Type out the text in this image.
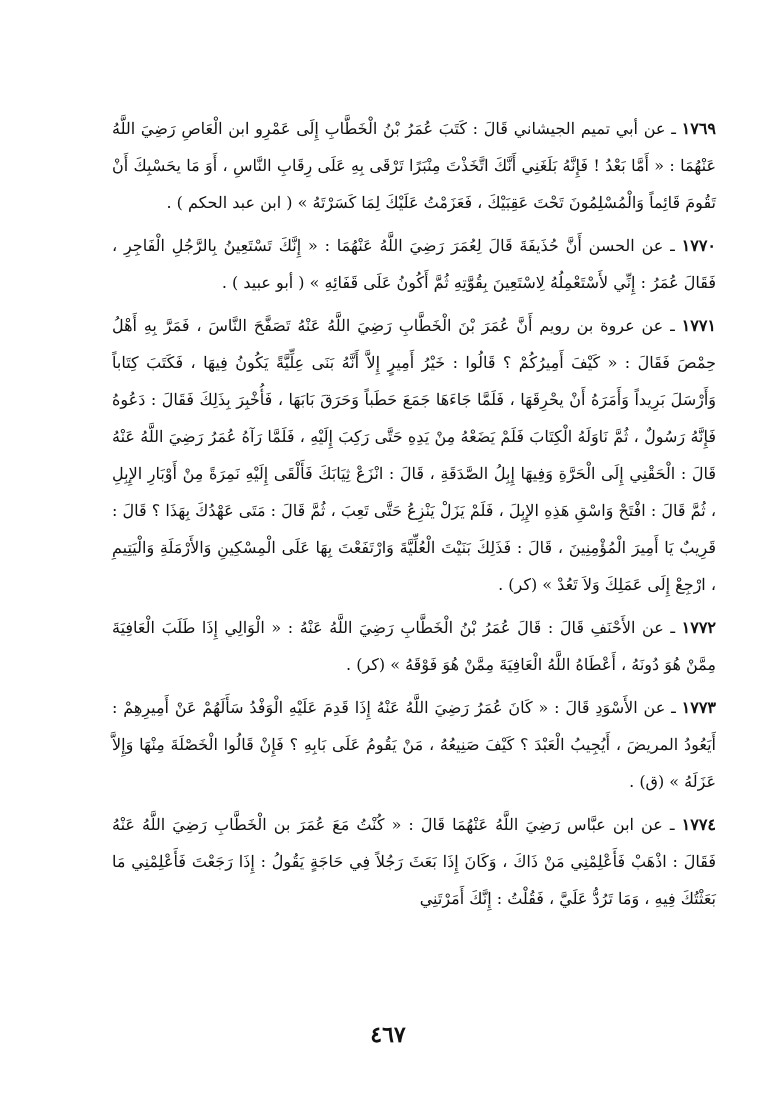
١٧٦٩ ـ عن أبي تميم الجيشاني قَالَ : كَتَبَ عُمَرُ بْنُ الْخَطَّابِ إِلَى عَمْرِو ابن الْعَاصِ رَضِيَ اللَّهُ عَنْهُمَا : « أَمَّا بَعْدُ ! فَإِنَّهُ بَلَغَنِي أَنَّكَ اتَّخَذْتَ مِنْبَرًا تَرْقَى بِهِ عَلَى رِقَابِ النَّاسِ ، أَوَ مَا يحَسْبِكَ أَنْ تَقُومَ قَائِماً وَالْمُسْلِمُونَ تَحْتَ عَقِبَيْكَ ، فَعَزَمْتُ عَلَيْكَ لِمَا كَسَرْتَهُ » ( ابن عبد الحكم ) .

١٧٧٠ ـ عن الحسن أَنَّ حُذَيفَةَ قَالَ لِعُمَرَ رَضِيَ اللَّهُ عَنْهُمَا : « إِنَّكَ تَسْتَعِينُ بِالرَّجُلِ الْفَاجِرِ ، فَقَالَ عُمَرُ : إِنِّي لأَسْتَعْمِلُهُ لِاسْتَعِينَ بِقُوَّتِهِ ثُمَّ أَكُونُ عَلَى قَفَائِهِ » ( أبو عبيد ) .

١٧٧١ ـ عن عروة بن رويم أَنَّ عُمَرَ بْنَ الْخَطَّابِ رَضِيَ اللَّهُ عَنْهُ تَصَفَّحَ النَّاسَ ، فَمَرَّ بِهِ أَهْلُ حِمْصَ فَقَالَ : « كَيْفَ أَمِيرُكُمْ ؟ قَالُوا : خَيْرُ أَمِيرٍ إِلاَّ أَنَّهُ بَنَى عِلِّيَّةً يَكُونُ فِيهَا ، فَكَتَبَ كِتَاباً وَأَرْسَلَ بَرِيداً وَأَمَرَهُ أَنْ يحْرِقَهَا ، فَلَمَّا جَاءَهَا جَمَعَ حَطَباً وَحَرَقَ بَابَهَا ، فَأُخْبِرَ بِذَلِكَ فَقَالَ : دَعُوهُ فَإِنَّهُ رَسُولٌ ، ثُمَّ نَاوَلَهُ الْكِتَابَ فَلَمْ يَضَعْهُ مِنْ يَدِهِ حَتَّى رَكِبَ إِلَيْهِ ، فَلَمَّا رَآهُ عُمَرُ رَضِيَ اللَّهُ عَنْهُ قَالَ : الْحَقْنِي إِلَى الْحَرَّةِ وَفِيهَا إِبِلُ الصَّدَقَةِ ، قَالَ : انْزَعْ ثِيَابَكَ فَأَلْقَى إِلَيْهِ نَمِرَةً مِنْ أَوْبَارِ الإِبِلِ ، ثُمَّ قَالَ : افْتَحْ وَاسْقِ هَذِهِ الإِبِلَ ، فَلَمْ يَزَلْ يَنْزِعُ حَتَّى تَعِبَ ، ثُمَّ قَالَ : مَتَى عَهْدُكَ بِهَذَا ؟ قَالَ : قَرِيبٌ يَا أَمِيرَ الْمُؤْمِنِينَ ، قَالَ : فَذَلِكَ بَنَيْتَ الْعُلِّيَّةَ وَارْتَفَعْتَ بِهَا عَلَى الْمِسْكِينِ وَالأَرْمَلَةِ وَالْيَتِيمِ ، ارْجِعْ إِلَى عَمَلِكَ وَلاَ تَعُدْ » (كر) .

١٧٧٢ ـ عن الأَحْنَفِ قَالَ : قَالَ عُمَرُ بْنُ الْخَطَّابِ رَضِيَ اللَّهُ عَنْهُ : « الْوَالِي إِذَا طَلَبَ الْعَافِيَةَ مِمَّنْ هُوَ دُونَهُ ، أَعْطَاهُ اللَّهُ الْعَافِيَةَ مِمَّنْ هُوَ فَوْقَهُ » (كر) .

١٧٧٣ ـ عن الأَسْوَدِ قَالَ : « كَانَ عُمَرُ رَضِيَ اللَّهُ عَنْهُ إِذَا قَدِمَ عَلَيْهِ الْوَفْدُ سَأَلَهُمْ عَنْ أَمِيرِهِمْ : أَيَعُودُ المريضَ ، أَيُجِيبُ الْعَبْدَ ؟ كَيْفَ صَنِيعُهُ ، مَنْ يَقُومُ عَلَى بَابِهِ ؟ فَإِنْ قَالُوا الْخَصْلَةَ مِنْهَا وَإِلاَّ عَزَلَهُ » (ق) .

١٧٧٤ ـ عن ابن عبَّاس رَضِيَ اللَّهُ عَنْهُمَا قَالَ : « كُنْتُ مَعَ عُمَرَ بن الْخَطَّابِ رَضِيَ اللَّهُ عَنْهُ فَقَالَ : اذْهَبْ فَأَعْلِمْنِي مَنْ ذَاكَ ، وَكَانَ إِذَا بَعَثَ رَجُلاً فِي حَاجَةٍ يَقُولُ : إِذَا رَجَعْتَ فَأَعْلِمْنِي مَا بَعَثْتُكَ فِيهِ ، وَمَا تَرُدُّ عَلَيَّ ، فَقُلْتُ : إِنَّكَ أَمَرْتَنِي

٤٦٧
